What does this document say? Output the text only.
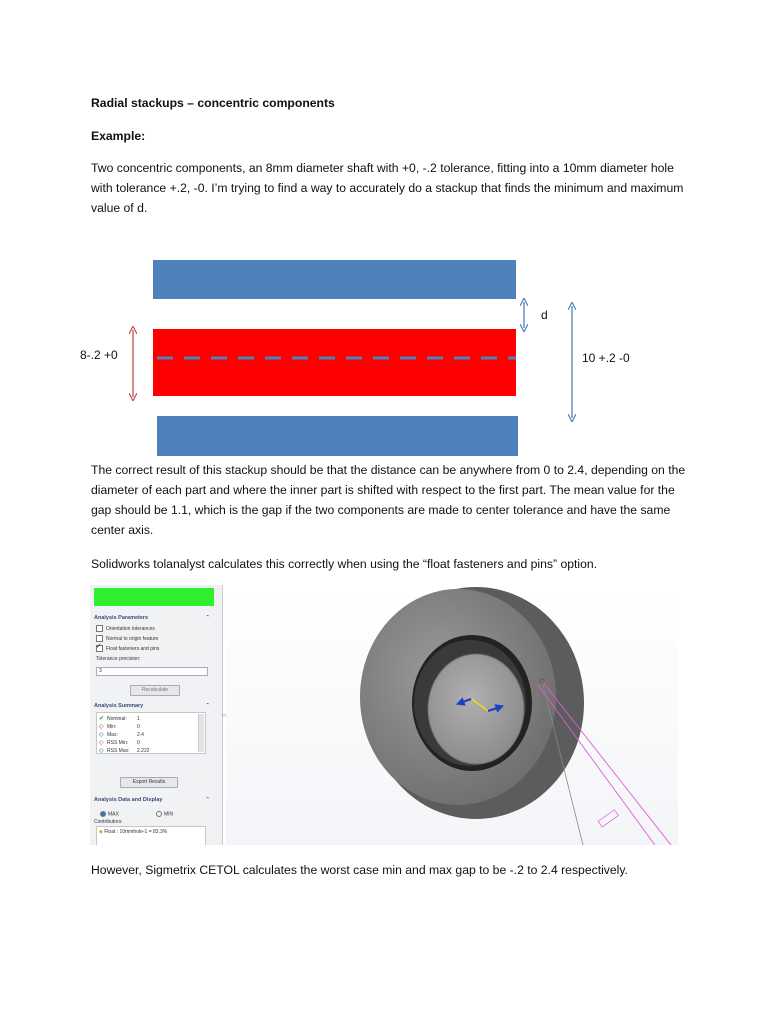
Radial stackups – concentric components
Example:
Two concentric components, an 8mm diameter shaft with +0, -.2 tolerance, fitting into a 10mm diameter hole with tolerance +.2, -0. I’m trying to find a way to accurately do a stackup that finds the minimum and maximum value of d.
8-.2 +0
d
10 +.2 -0
The correct result of this stackup should be that the distance can be anywhere from 0 to 2.4, depending on the diameter of each part and where the inner part is shifted with respect to the first part. The mean value for the gap should be 1.1, which is the gap if the two components are made to center tolerance and have the same center axis.
Solidworks tolanalyst calculates this correctly when using the “float fasteners and pins” option.
Analysis Parameters	⌃
Orientation tolerances
Normal to origin feature
✓Float fasteners and pins
Tolerance precision:
3
Recalculate
Analysis Summary	⌃
✔ Nominal: 1
◇ Min:	0
◇ Max:	2.4
◇ RSS Min: 0
◇ RSS Max: 2.222
Export Results
Analysis Data and Display	⌃
MAX	MIN
Contributors:
◆ Float : 10mmhole-1 = 83.3%
‹›
However, Sigmetrix CETOL calculates the worst case min and max gap to be -.2 to 2.4 respectively.
